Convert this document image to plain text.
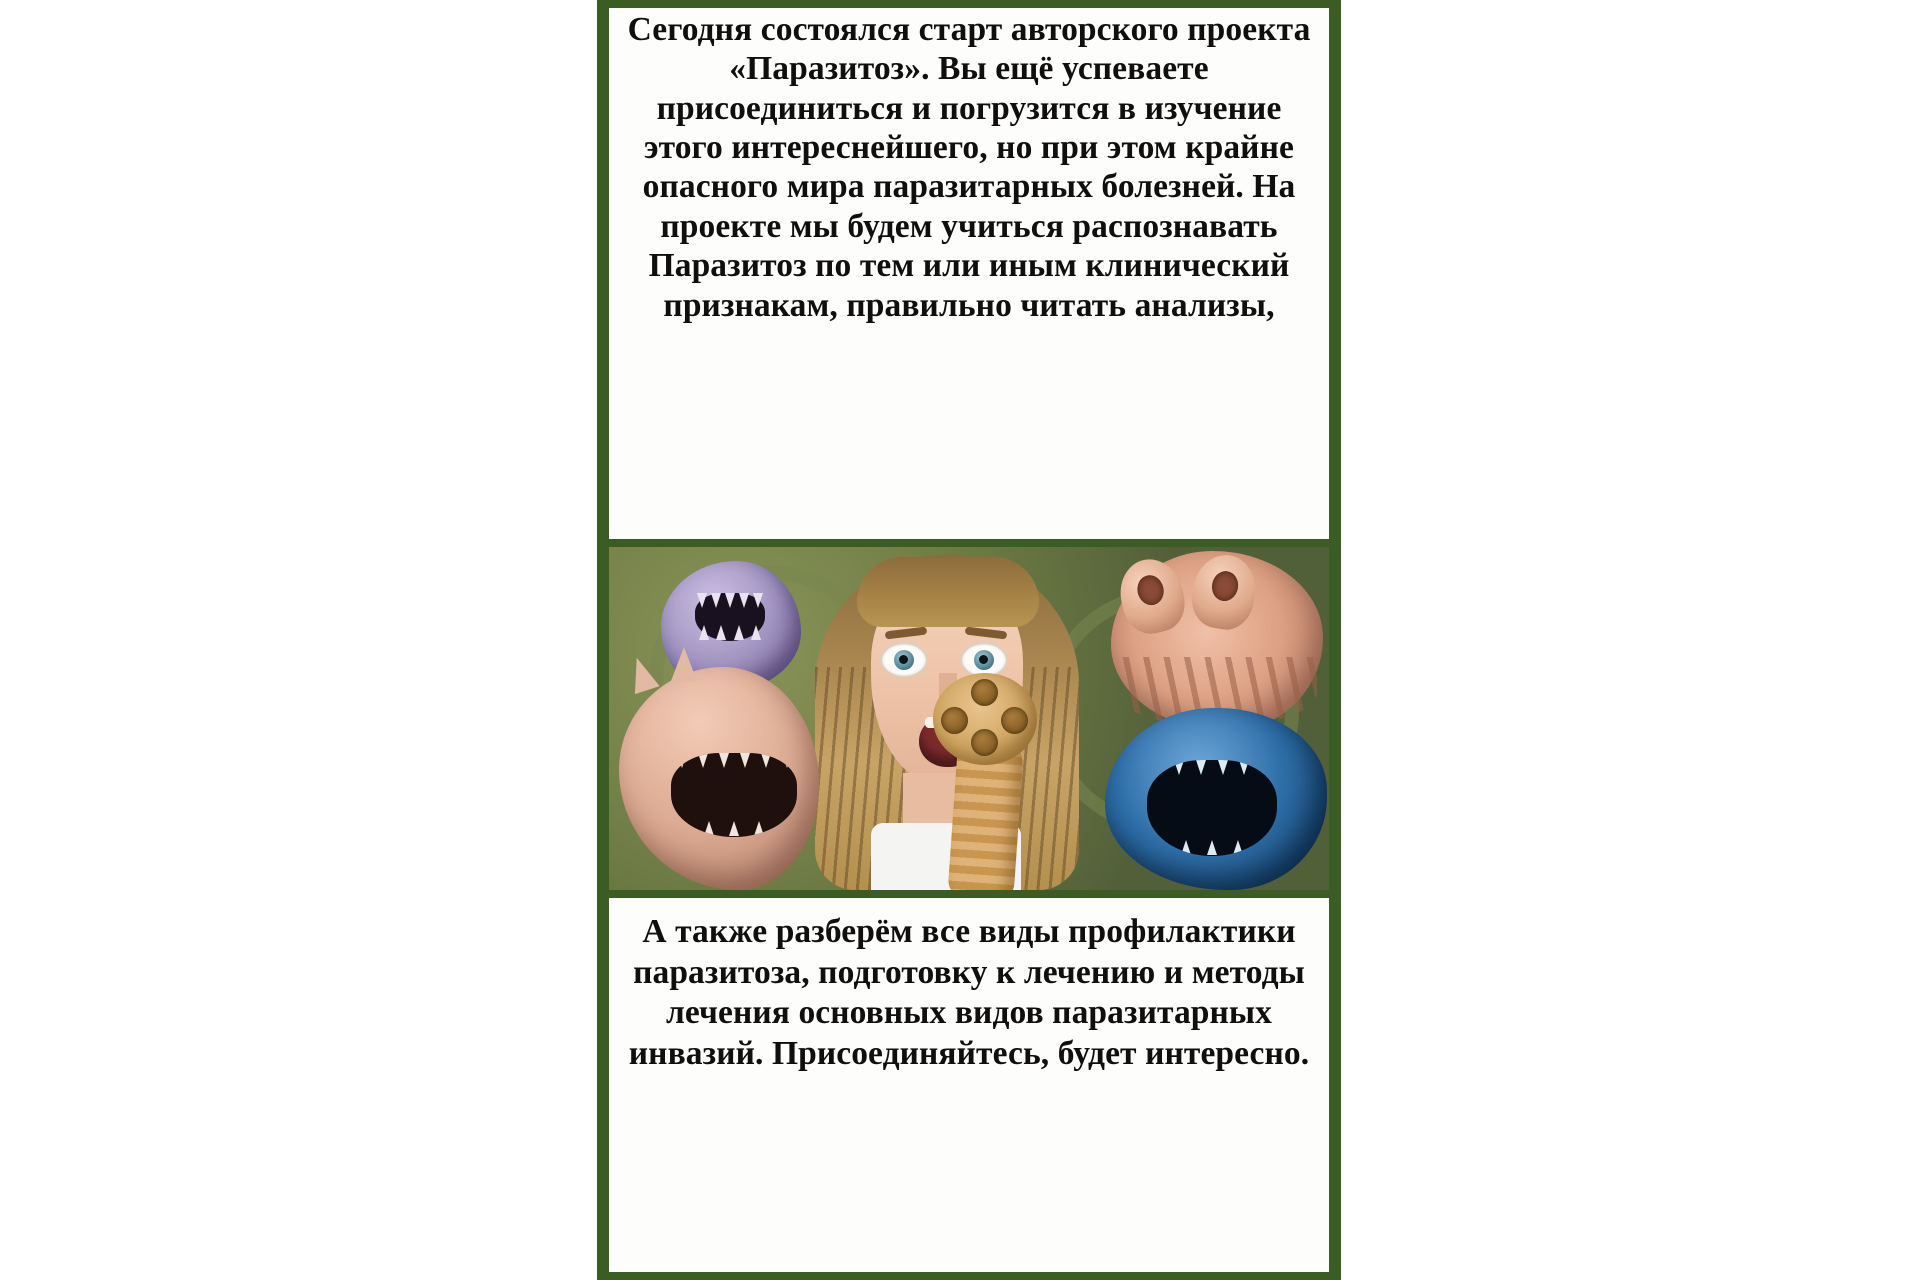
Сегодня состоялся старт авторского проекта «Паразитоз». Вы ещё успеваете присоединиться и погрузится в изучение этого интереснейшего, но при этом крайне опасного мира паразитарных болезней. На проекте мы будем учиться распознавать Паразитоз по тем или иным клинический признакам, правильно читать анализы,
А также разберём все виды профилактики паразитоза, подготовку к лечению и методы лечения основных видов паразитарных инвазий. Присоединяйтесь, будет интересно.
